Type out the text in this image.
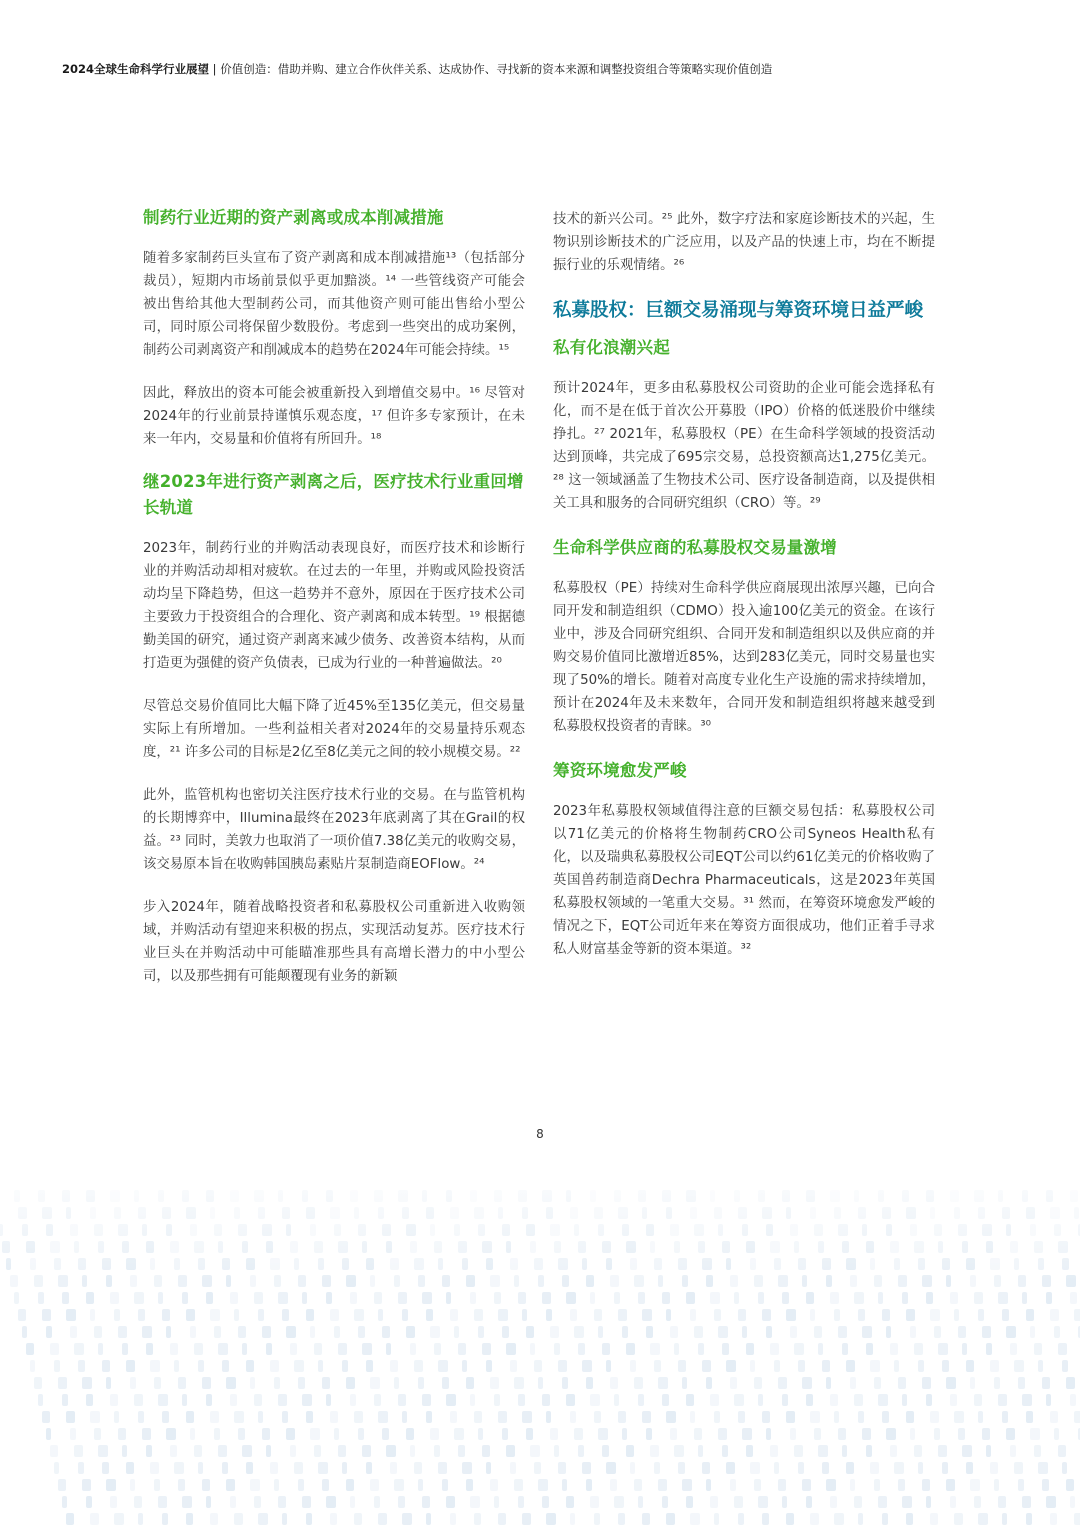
2024全球生命科学行业展望 | 价值创造：借助并购、建立合作伙伴关系、达成协作、寻找新的资本来源和调整投资组合等策略实现价值创造
制药行业近期的资产剥离或成本削减措施

随着多家制药巨头宣布了资产剥离和成本削减措施¹³（包括部分裁员），短期内市场前景似乎更加黯淡。¹⁴ 一些管线资产可能会被出售给其他大型制药公司，而其他资产则可能出售给小型公司，同时原公司将保留少数股份。考虑到一些突出的成功案例，制药公司剥离资产和削减成本的趋势在2024年可能会持续。¹⁵

因此，释放出的资本可能会被重新投入到增值交易中。¹⁶ 尽管对2024年的行业前景持谨慎乐观态度，¹⁷ 但许多专家预计，在未来一年内，交易量和价值将有所回升。¹⁸

继2023年进行资产剥离之后，医疗技术行业重回增长轨道

2023年，制药行业的并购活动表现良好，而医疗技术和诊断行业的并购活动却相对疲软。在过去的一年里，并购或风险投资活动均呈下降趋势，但这一趋势并不意外，原因在于医疗技术公司主要致力于投资组合的合理化、资产剥离和成本转型。¹⁹ 根据德勤美国的研究，通过资产剥离来减少债务、改善资本结构，从而打造更为强健的资产负债表，已成为行业的一种普遍做法。²⁰

尽管总交易价值同比大幅下降了近45%至135亿美元，但交易量实际上有所增加。一些利益相关者对2024年的交易量持乐观态度，²¹ 许多公司的目标是2亿至8亿美元之间的较小规模交易。²²

此外，监管机构也密切关注医疗技术行业的交易。在与监管机构的长期博弈中，Illumina最终在2023年底剥离了其在Grail的权益。²³ 同时，美敦力也取消了一项价值7.38亿美元的收购交易，该交易原本旨在收购韩国胰岛素贴片泵制造商EOFlow。²⁴

步入2024年，随着战略投资者和私募股权公司重新进入收购领域，并购活动有望迎来积极的拐点，实现活动复苏。医疗技术行业巨头在并购活动中可能瞄准那些具有高增长潜力的中小型公司，以及那些拥有可能颠覆现有业务的新颖

技术的新兴公司。²⁵ 此外，数字疗法和家庭诊断技术的兴起，生物识别诊断技术的广泛应用，以及产品的快速上市，均在不断提振行业的乐观情绪。²⁶

私募股权：巨额交易涌现与筹资环境日益严峻
私有化浪潮兴起

预计2024年，更多由私募股权公司资助的企业可能会选择私有化，而不是在低于首次公开募股（IPO）价格的低迷股价中继续挣扎。²⁷ 2021年，私募股权（PE）在生命科学领域的投资活动达到顶峰，共完成了695宗交易，总投资额高达1,275亿美元。²⁸ 这一领域涵盖了生物技术公司、医疗设备制造商，以及提供相关工具和服务的合同研究组织（CRO）等。²⁹

生命科学供应商的私募股权交易量激增

私募股权（PE）持续对生命科学供应商展现出浓厚兴趣，已向合同开发和制造组织（CDMO）投入逾100亿美元的资金。在该行业中，涉及合同研究组织、合同开发和制造组织以及供应商的并购交易价值同比激增近85%，达到283亿美元，同时交易量也实现了50%的增长。随着对高度专业化生产设施的需求持续增加，预计在2024年及未来数年，合同开发和制造组织将越来越受到私募股权投资者的青睐。³⁰

筹资环境愈发严峻

2023年私募股权领域值得注意的巨额交易包括：私募股权公司以71亿美元的价格将生物制药CRO公司Syneos Health私有化，以及瑞典私募股权公司EQT公司以约61亿美元的价格收购了英国兽药制造商Dechra Pharmaceuticals，这是2023年英国私募股权领域的一笔重大交易。³¹ 然而，在筹资环境愈发严峻的情况之下，EQT公司近年来在筹资方面很成功，他们正着手寻求私人财富基金等新的资本渠道。³²

8
